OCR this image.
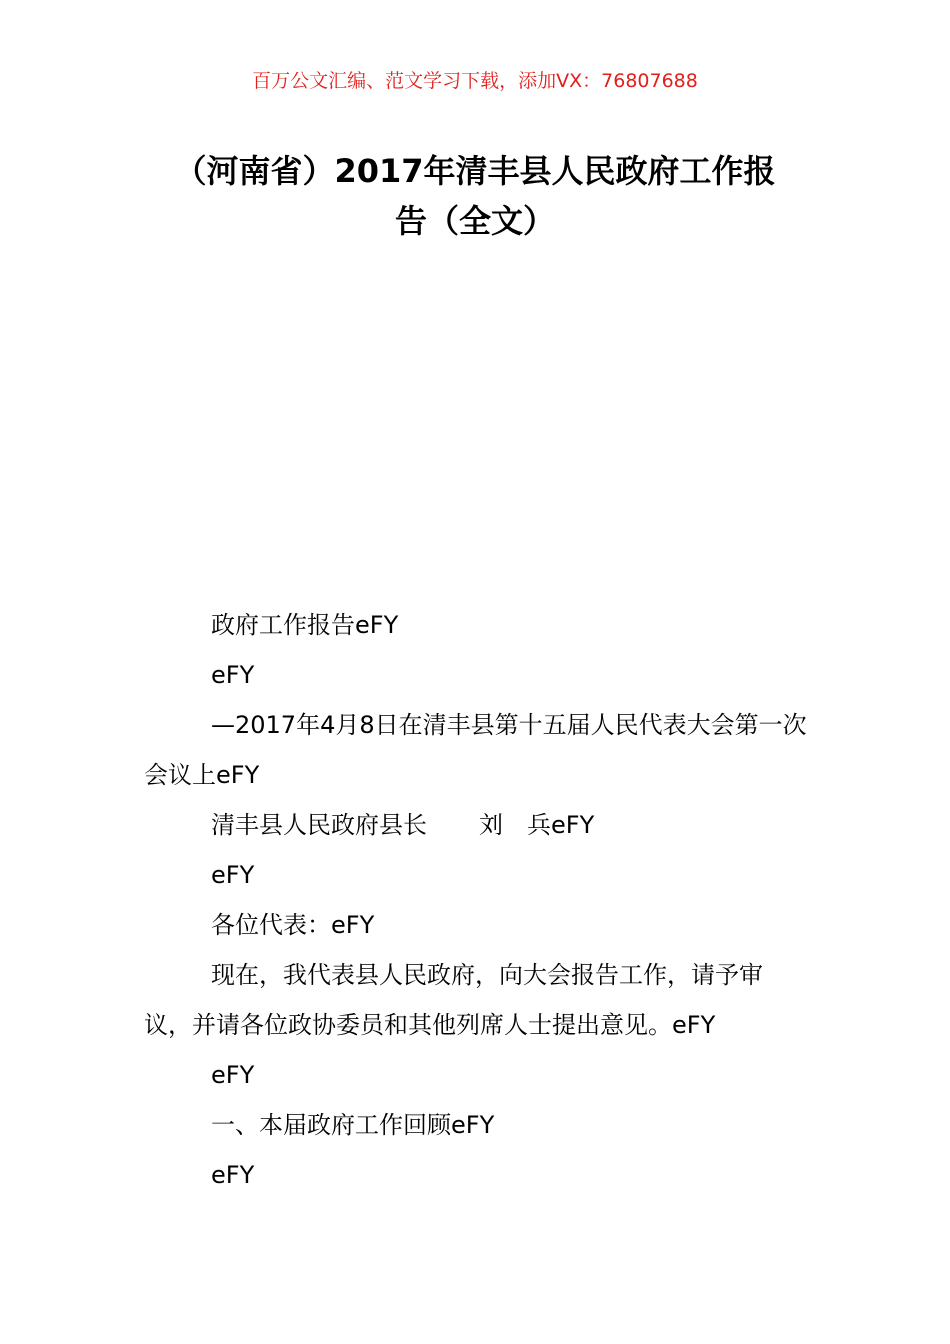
百万公文汇编、范文学习下载，添加VX：76807688
（河南省）2017年清丰县人民政府工作报
告（全文）

政府工作报告eFY

eFY

—2017年4月8日在清丰县第十五届人民代表大会第一次会议上eFY

清丰县人民政府县长 刘 兵eFY

eFY

各位代表：eFY

现在，我代表县人民政府，向大会报告工作，请予审议，并请各位政协委员和其他列席人士提出意见。eFY

eFY

一、本届政府工作回顾eFY

eFY
